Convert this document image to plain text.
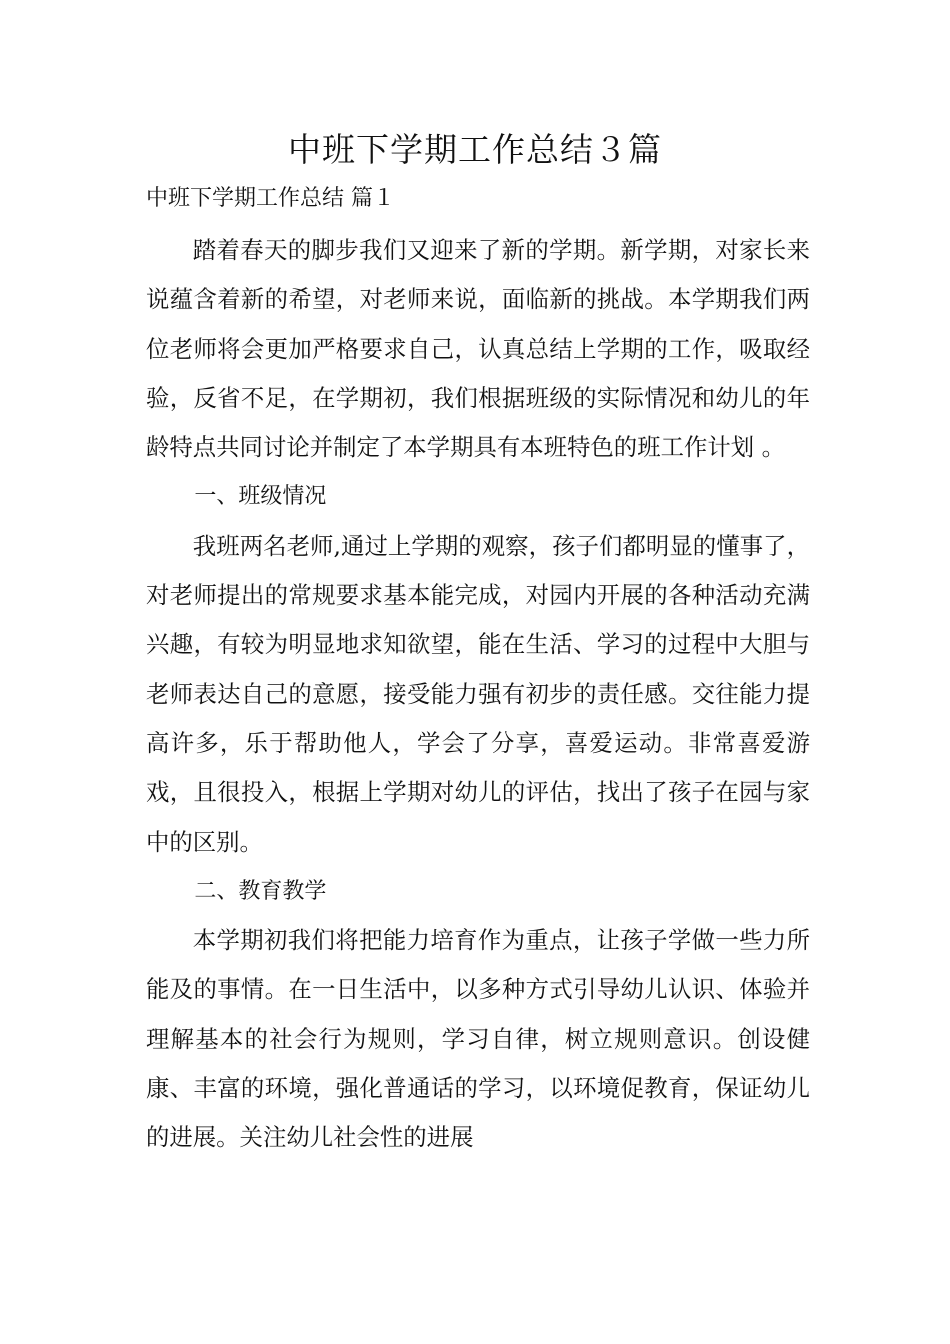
中班下学期工作总结３篇

中班下学期工作总结 篇１

踏着春天的脚步我们又迎来了新的学期。新学期，对家长来说蕴含着新的希望，对老师来说，面临新的挑战。本学期我们两位老师将会更加严格要求自己，认真总结上学期的工作，吸取经验，反省不足，在学期初，我们根据班级的实际情况和幼儿的年龄特点共同讨论并制定了本学期具有本班特色的班工作计划 。

一、班级情况

我班两名老师,通过上学期的观察，孩子们都明显的懂事了，对老师提出的常规要求基本能完成，对园内开展的各种活动充满兴趣，有较为明显地求知欲望，能在生活、学习的过程中大胆与老师表达自己的意愿，接受能力强有初步的责任感。交往能力提高许多，乐于帮助他人，学会了分享，喜爱运动。非常喜爱游戏，且很投入，根据上学期对幼儿的评估，找出了孩子在园与家中的区别。

二、教育教学

本学期初我们将把能力培育作为重点，让孩子学做一些力所能及的事情。在一日生活中，以多种方式引导幼儿认识、体验并理解基本的社会行为规则，学习自律，树立规则意识。创设健康、丰富的环境，强化普通话的学习，以环境促教育，保证幼儿的进展。关注幼儿社会性的进展
